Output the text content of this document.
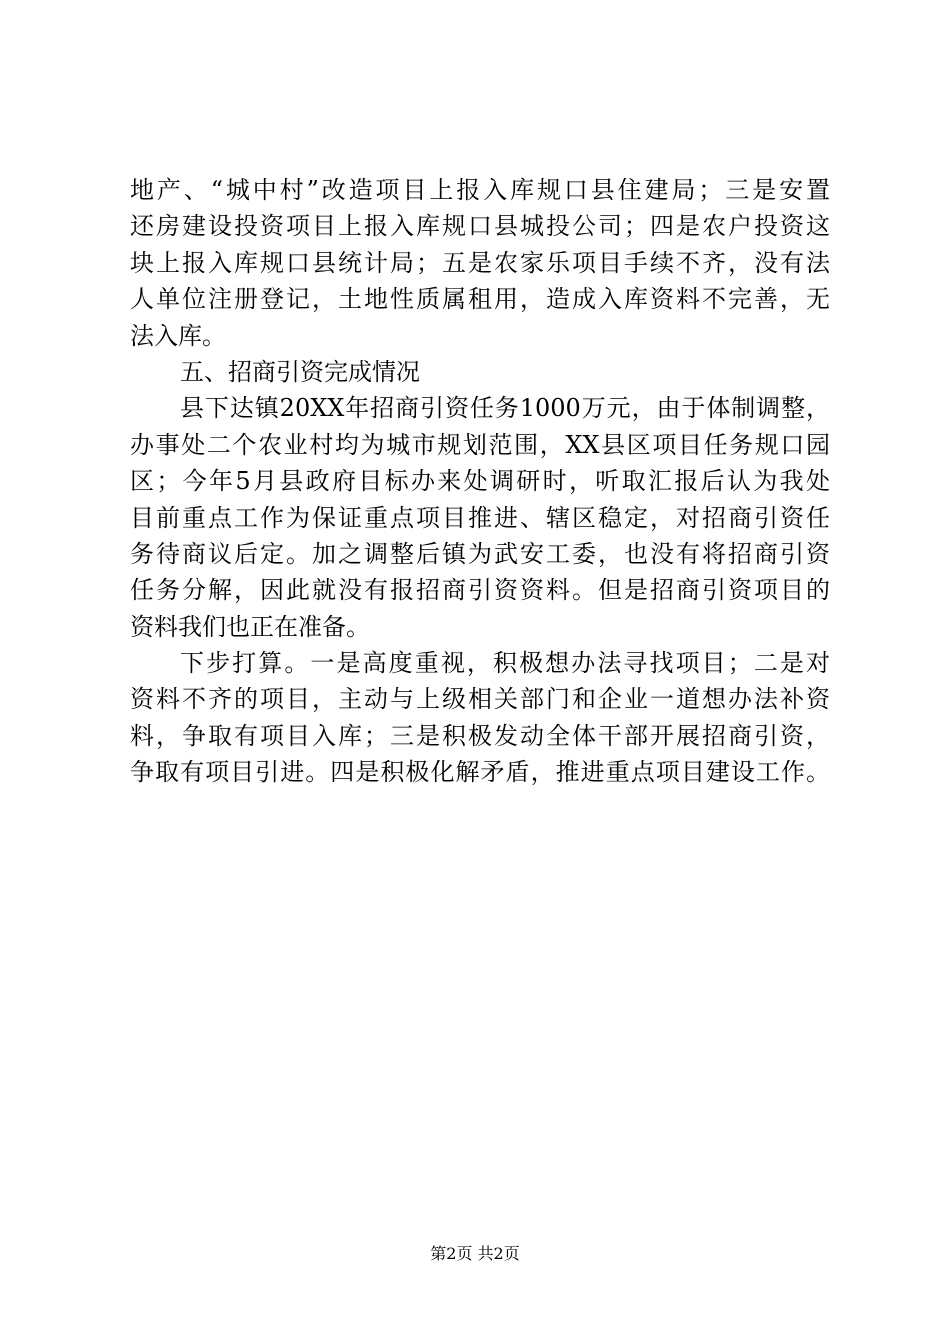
地产、“城中村”改造项目上报入库规口县住建局；三是安置
还房建设投资项目上报入库规口县城投公司；四是农户投资这
块上报入库规口县统计局；五是农家乐项目手续不齐，没有法
人单位注册登记，土地性质属租用，造成入库资料不完善，无
法入库。
五、招商引资完成情况
县下达镇20XX年招商引资任务1000万元，由于体制调整，
办事处二个农业村均为城市规划范围，XX县区项目任务规口园
区；今年5月县政府目标办来处调研时，听取汇报后认为我处
目前重点工作为保证重点项目推进、辖区稳定，对招商引资任
务待商议后定。加之调整后镇为武安工委，也没有将招商引资
任务分解，因此就没有报招商引资资料。但是招商引资项目的
资料我们也正在准备。
下步打算。一是高度重视，积极想办法寻找项目；二是对
资料不齐的项目，主动与上级相关部门和企业一道想办法补资
料，争取有项目入库；三是积极发动全体干部开展招商引资，
争取有项目引进。四是积极化解矛盾，推进重点项目建设工作。
第2页 共2页
